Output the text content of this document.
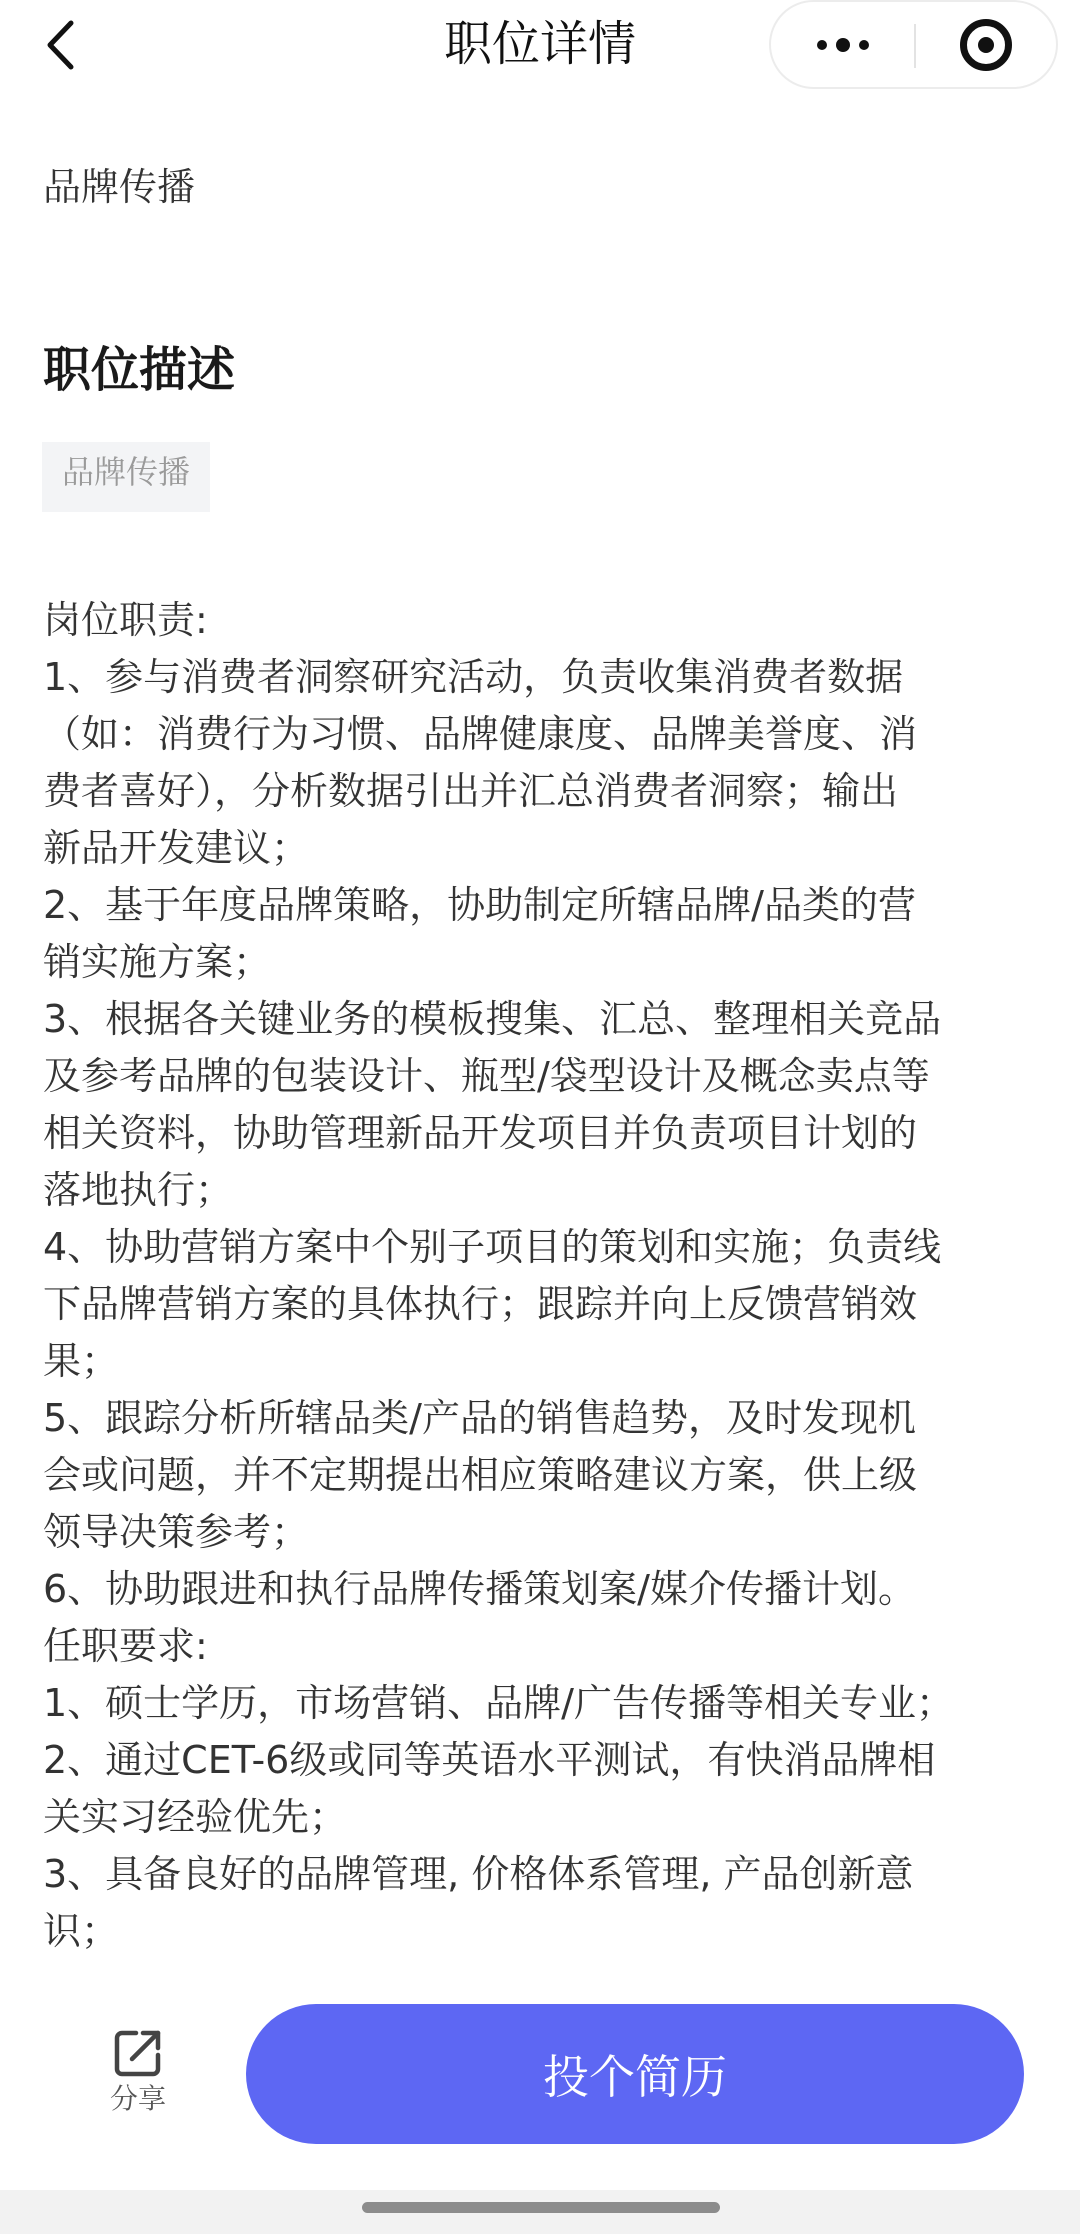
职位详情
品牌传播
职位描述
品牌传播
岗位职责:
1、参与消费者洞察研究活动，负责收集消费者数据
（如：消费行为习惯、品牌健康度、品牌美誉度、消
费者喜好），分析数据引出并汇总消费者洞察；输出
新品开发建议；
2、基于年度品牌策略，协助制定所辖品牌/品类的营
销实施方案；
3、根据各关键业务的模板搜集、汇总、整理相关竞品
及参考品牌的包装设计、瓶型/袋型设计及概念卖点等
相关资料，协助管理新品开发项目并负责项目计划的
落地执行；
4、协助营销方案中个别子项目的策划和实施；负责线
下品牌营销方案的具体执行；跟踪并向上反馈营销效
果；
5、跟踪分析所辖品类/产品的销售趋势，及时发现机
会或问题，并不定期提出相应策略建议方案，供上级
领导决策参考；
6、协助跟进和执行品牌传播策划案/媒介传播计划。
任职要求:
1、硕士学历，市场营销、品牌/广告传播等相关专业；
2、通过CET-6级或同等英语水平测试，有快消品牌相
关实习经验优先；
3、具备良好的品牌管理, 价格体系管理, 产品创新意
识；
分享	投个简历
